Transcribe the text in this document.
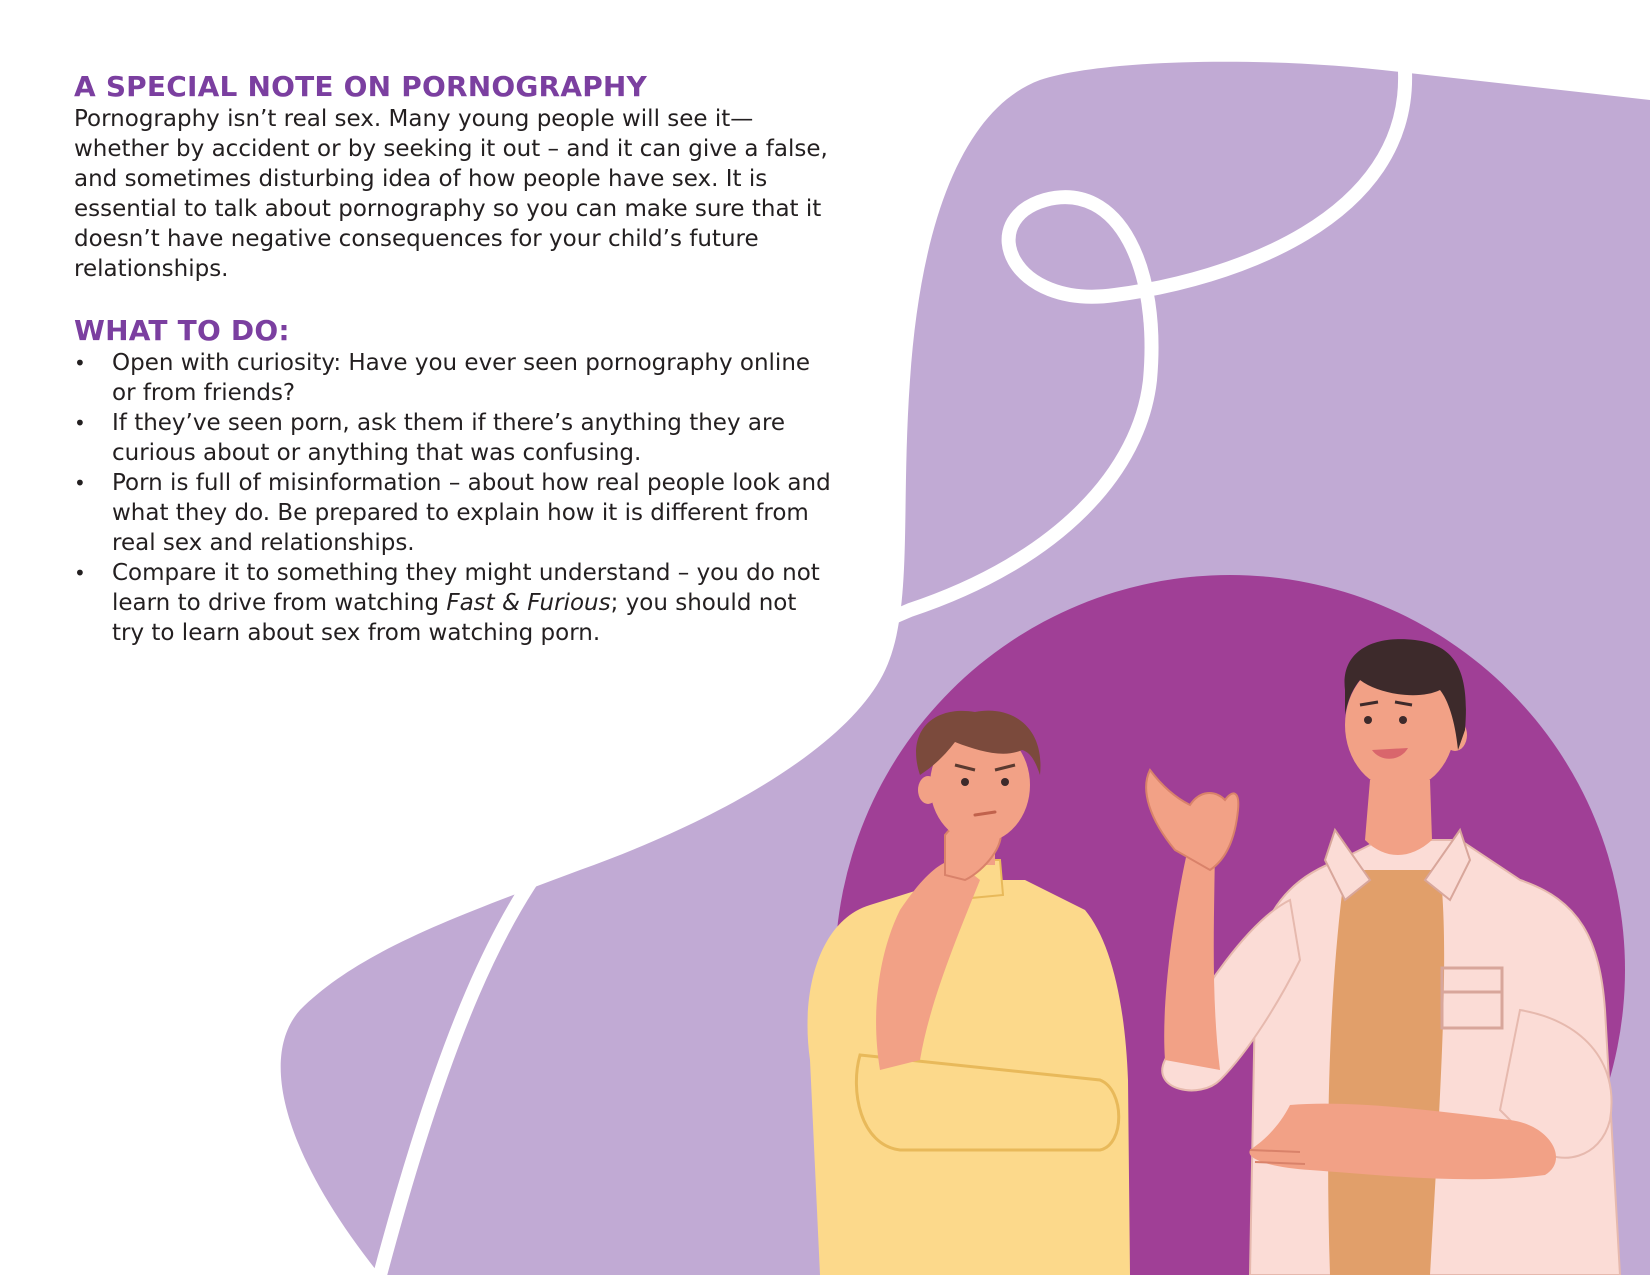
A SPECIAL NOTE ON PORNOGRAPHY

Pornography isn’t real sex. Many young people will see it—whether by accident or by seeking it out – and it can give a false, and sometimes disturbing idea of how people have sex. It is essential to talk about pornography so you can make sure that it doesn’t have negative consequences for your child’s future relationships.

WHAT TO DO:
• Open with curiosity: Have you ever seen pornography online or from friends?
• If they’ve seen porn, ask them if there’s anything they are curious about or anything that was confusing.
• Porn is full of misinformation – about how real people look and what they do. Be prepared to explain how it is different from real sex and relationships.
• Compare it to something they might understand – you do not learn to drive from watching Fast & Furious; you should not try to learn about sex from watching porn.
